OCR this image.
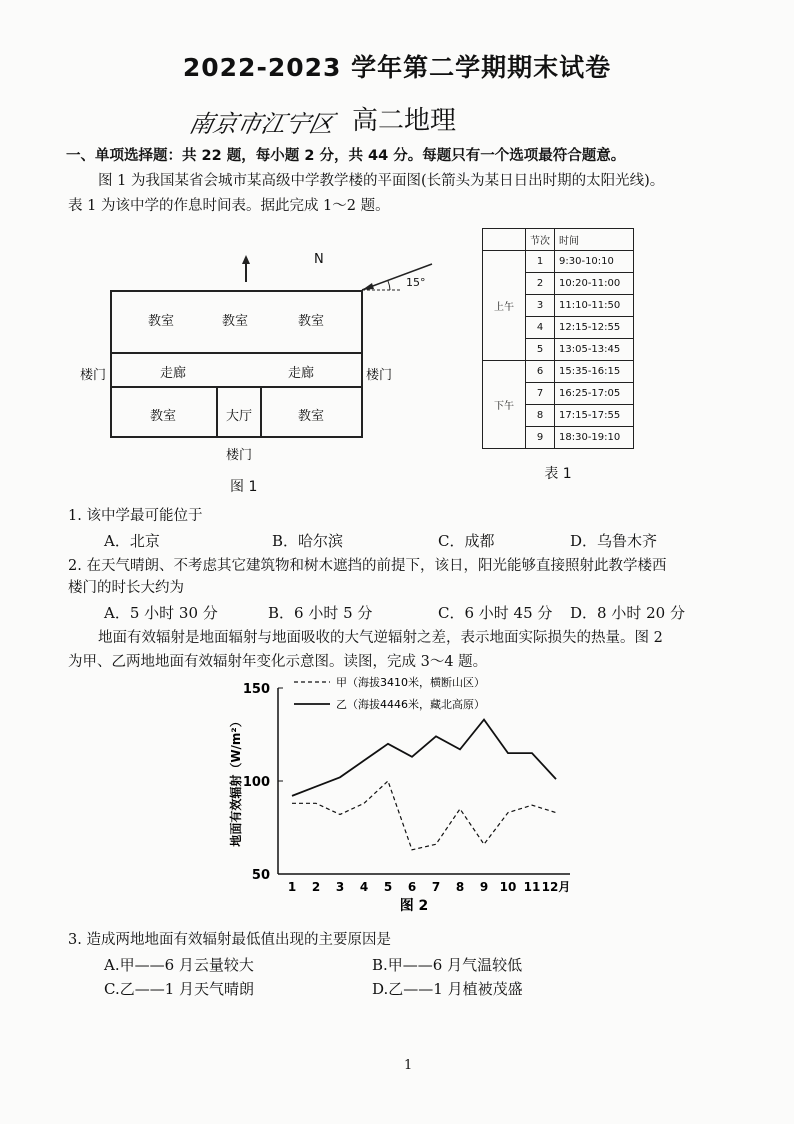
2022-2023 学年第二学期期末试卷
南京市江宁区 高二地理
一、单项选择题：共 22 题，每小题 2 分，共 44 分。每题只有一个选项最符合题意。
图 1 为我国某省会城市某高级中学教学楼的平面图(长箭头为某日日出时期的太阳光线)。
表 1 为该中学的作息时间表。据此完成 1～2 题。
N
15°
教室	教室	教室
走廊	走廊
楼门	楼门
教室	大厅	教室
楼门
图 1
	节次	时间
上午	1	9:30-10:10
	2	10:20-11:00
	3	11:10-11:50
	4	12:15-12:55
	5	13:05-13:45
下午	6	15:35-16:15
	7	16:25-17:05
	8	17:15-17:55
	9	18:30-19:10
表 1
1. 该中学最可能位于
A．北京	B．哈尔滨	C．成都	D．乌鲁木齐
2. 在天气晴朗、不考虑其它建筑物和树木遮挡的前提下，该日，阳光能够直接照射此教学楼西
楼门的时长大约为
A．5 小时 30 分	B．6 小时 5 分	C．6 小时 45 分 D．8 小时 20 分
地面有效辐射是地面辐射与地面吸收的大气逆辐射之差，表示地面实际损失的热量。图 2
为甲、乙两地地面有效辐射年变化示意图。读图，完成 3～4 题。
50
100
150
1 2 3 4 5 6 7 8 9 10 11 12月
甲（海拔3410米，横断山区）
乙（海拔4446米，藏北高原）
地面有效辐射（W/m²）
图 2
3. 造成两地地面有效辐射最低值出现的主要原因是
A.甲——6 月云量较大	B.甲——6 月气温较低
C.乙——1 月天气晴朗	D.乙——1 月植被茂盛
1
